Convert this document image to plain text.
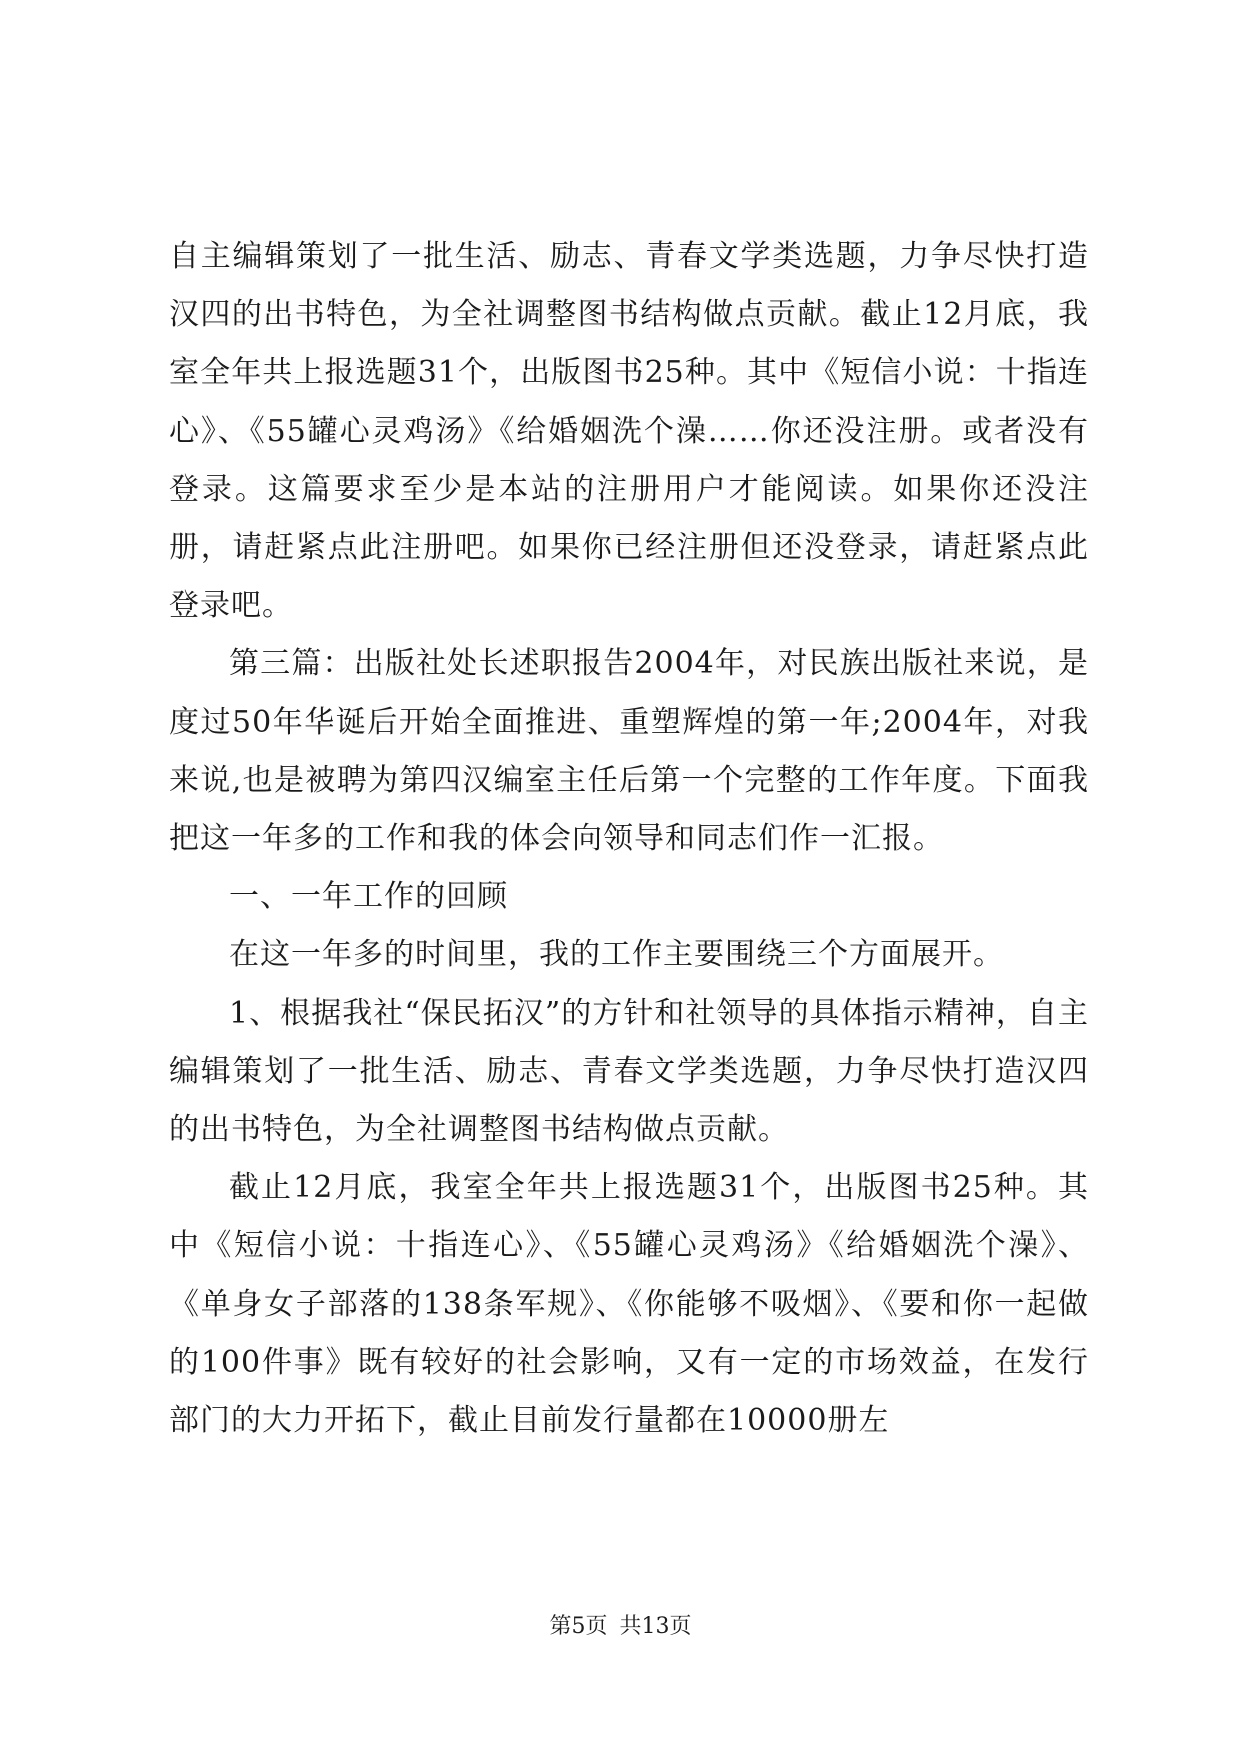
自主编辑策划了一批生活、励志、青春文学类选题，力争尽快打造汉四的出书特色，为全社调整图书结构做点贡献。截止12月底，我室全年共上报选题31个，出版图书25种。其中《短信小说：十指连心》、《55罐心灵鸡汤》《给婚姻洗个澡……你还没注册。或者没有登录。这篇要求至少是本站的注册用户才能阅读。如果你还没注册，请赶紧点此注册吧。如果你已经注册但还没登录，请赶紧点此登录吧。

第三篇：出版社处长述职报告2004年，对民族出版社来说，是度过50年华诞后开始全面推进、重塑辉煌的第一年;2004年，对我来说,也是被聘为第四汉编室主任后第一个完整的工作年度。下面我把这一年多的工作和我的体会向领导和同志们作一汇报。

一、一年工作的回顾

在这一年多的时间里，我的工作主要围绕三个方面展开。

1、根据我社“保民拓汉”的方针和社领导的具体指示精神，自主编辑策划了一批生活、励志、青春文学类选题，力争尽快打造汉四的出书特色，为全社调整图书结构做点贡献。

截止12月底，我室全年共上报选题31个，出版图书25种。其中《短信小说：十指连心》、《55罐心灵鸡汤》《给婚姻洗个澡》、《单身女子部落的138条军规》、《你能够不吸烟》、《要和你一起做的100件事》既有较好的社会影响，又有一定的市场效益，在发行部门的大力开拓下，截止目前发行量都在10000册左

第5页 共13页
